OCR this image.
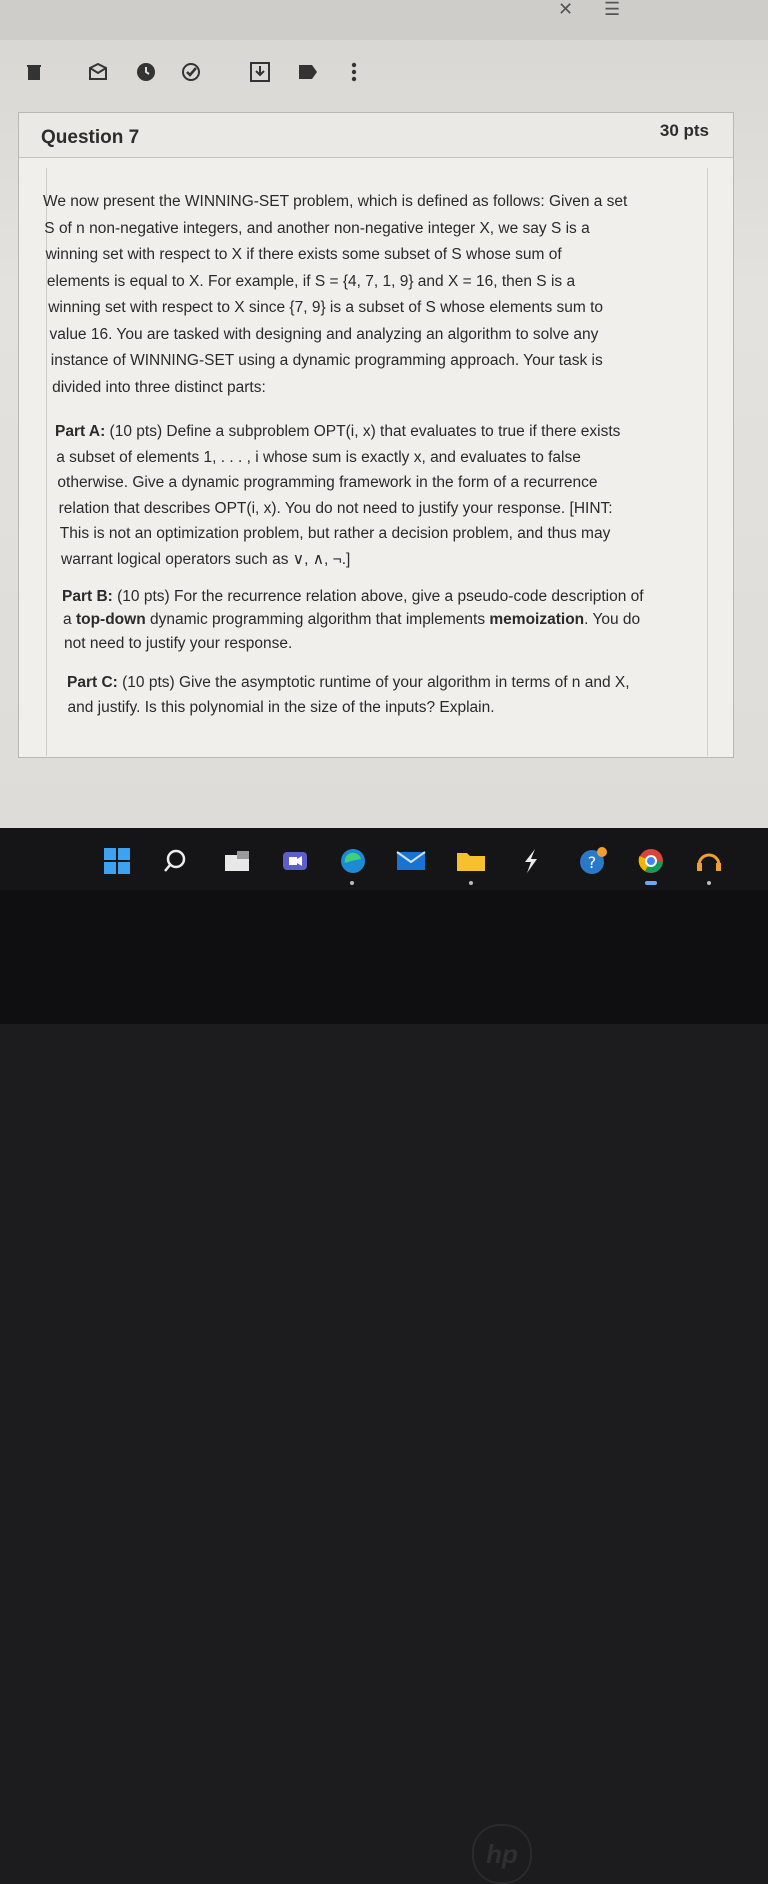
✕ ☰
Question 7	30 pts
We now present the WINNING-SET problem, which is defined as follows: Given a set
S of n non-negative integers, and another non-negative integer X, we say S is a
winning set with respect to X if there exists some subset of S whose sum of
elements is equal to X. For example, if S = {4, 7, 1, 9} and X = 16, then S is a
winning set with respect to X since {7, 9} is a subset of S whose elements sum to
value 16. You are tasked with designing and analyzing an algorithm to solve any
instance of WINNING-SET using a dynamic programming approach. Your task is
divided into three distinct parts:
Part A: (10 pts) Define a subproblem OPT(i, x) that evaluates to true if there exists
a subset of elements 1, . . . , i whose sum is exactly x, and evaluates to false
otherwise. Give a dynamic programming framework in the form of a recurrence
relation that describes OPT(i, x). You do not need to justify your response. [HINT:
This is not an optimization problem, but rather a decision problem, and thus may
warrant logical operators such as ∨, ∧, ¬.]
Part B: (10 pts) For the recurrence relation above, give a pseudo-code description of
a top-down dynamic programming algorithm that implements memoization. You do
not need to justify your response.
Part C: (10 pts) Give the asymptotic runtime of your algorithm in terms of n and X,
and justify. Is this polynomial in the size of the inputs? Explain.
?
hp
